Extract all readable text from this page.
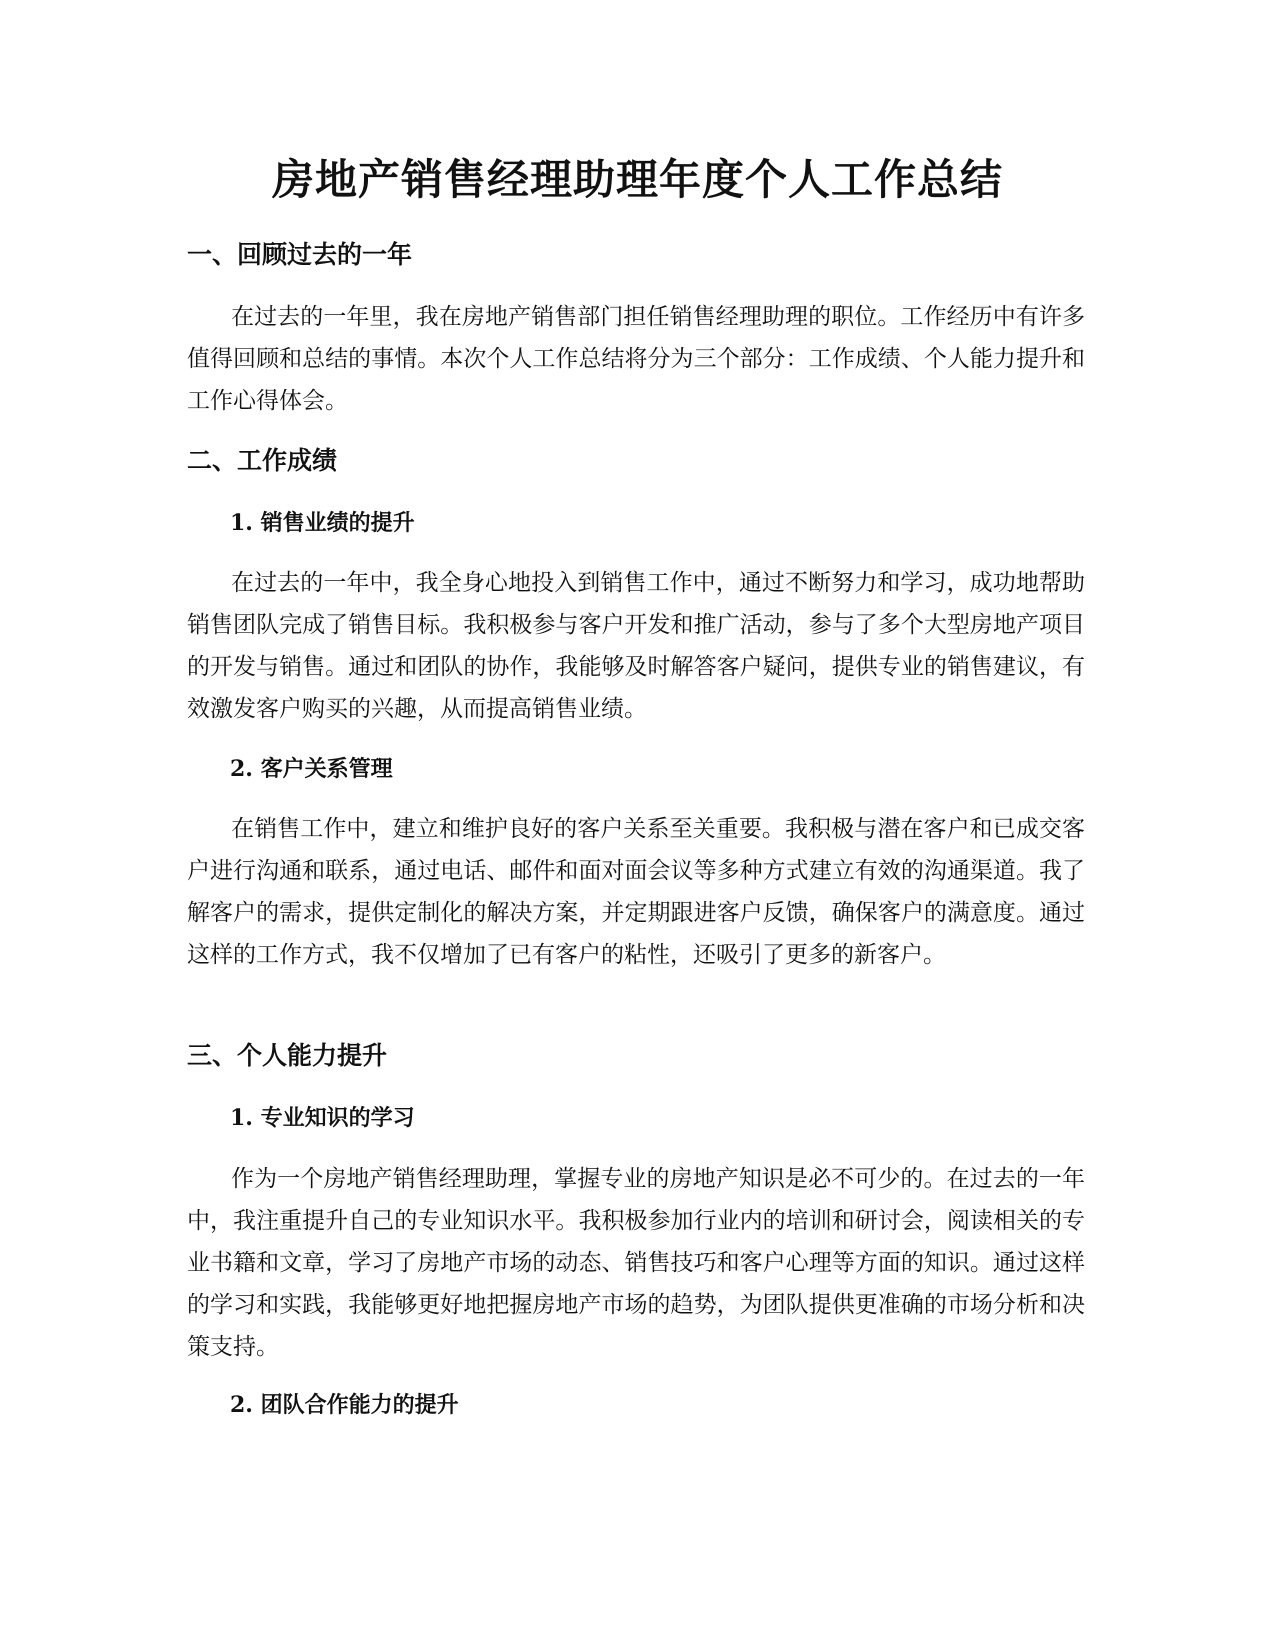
房地产销售经理助理年度个人工作总结
一、回顾过去的一年

在过去的一年里，我在房地产销售部门担任销售经理助理的职位。工作经历中有许多值得回顾和总结的事情。本次个人工作总结将分为三个部分：工作成绩、个人能力提升和工作心得体会。

二、工作成绩
1. 销售业绩的提升

在过去的一年中，我全身心地投入到销售工作中，通过不断努力和学习，成功地帮助销售团队完成了销售目标。我积极参与客户开发和推广活动，参与了多个大型房地产项目的开发与销售。通过和团队的协作，我能够及时解答客户疑问，提供专业的销售建议，有效激发客户购买的兴趣，从而提高销售业绩。

2. 客户关系管理

在销售工作中，建立和维护良好的客户关系至关重要。我积极与潜在客户和已成交客户进行沟通和联系，通过电话、邮件和面对面会议等多种方式建立有效的沟通渠道。我了解客户的需求，提供定制化的解决方案，并定期跟进客户反馈，确保客户的满意度。通过这样的工作方式，我不仅增加了已有客户的粘性，还吸引了更多的新客户。

三、个人能力提升
1. 专业知识的学习

作为一个房地产销售经理助理，掌握专业的房地产知识是必不可少的。在过去的一年中，我注重提升自己的专业知识水平。我积极参加行业内的培训和研讨会，阅读相关的专业书籍和文章，学习了房地产市场的动态、销售技巧和客户心理等方面的知识。通过这样的学习和实践，我能够更好地把握房地产市场的趋势，为团队提供更准确的市场分析和决策支持。

2. 团队合作能力的提升
